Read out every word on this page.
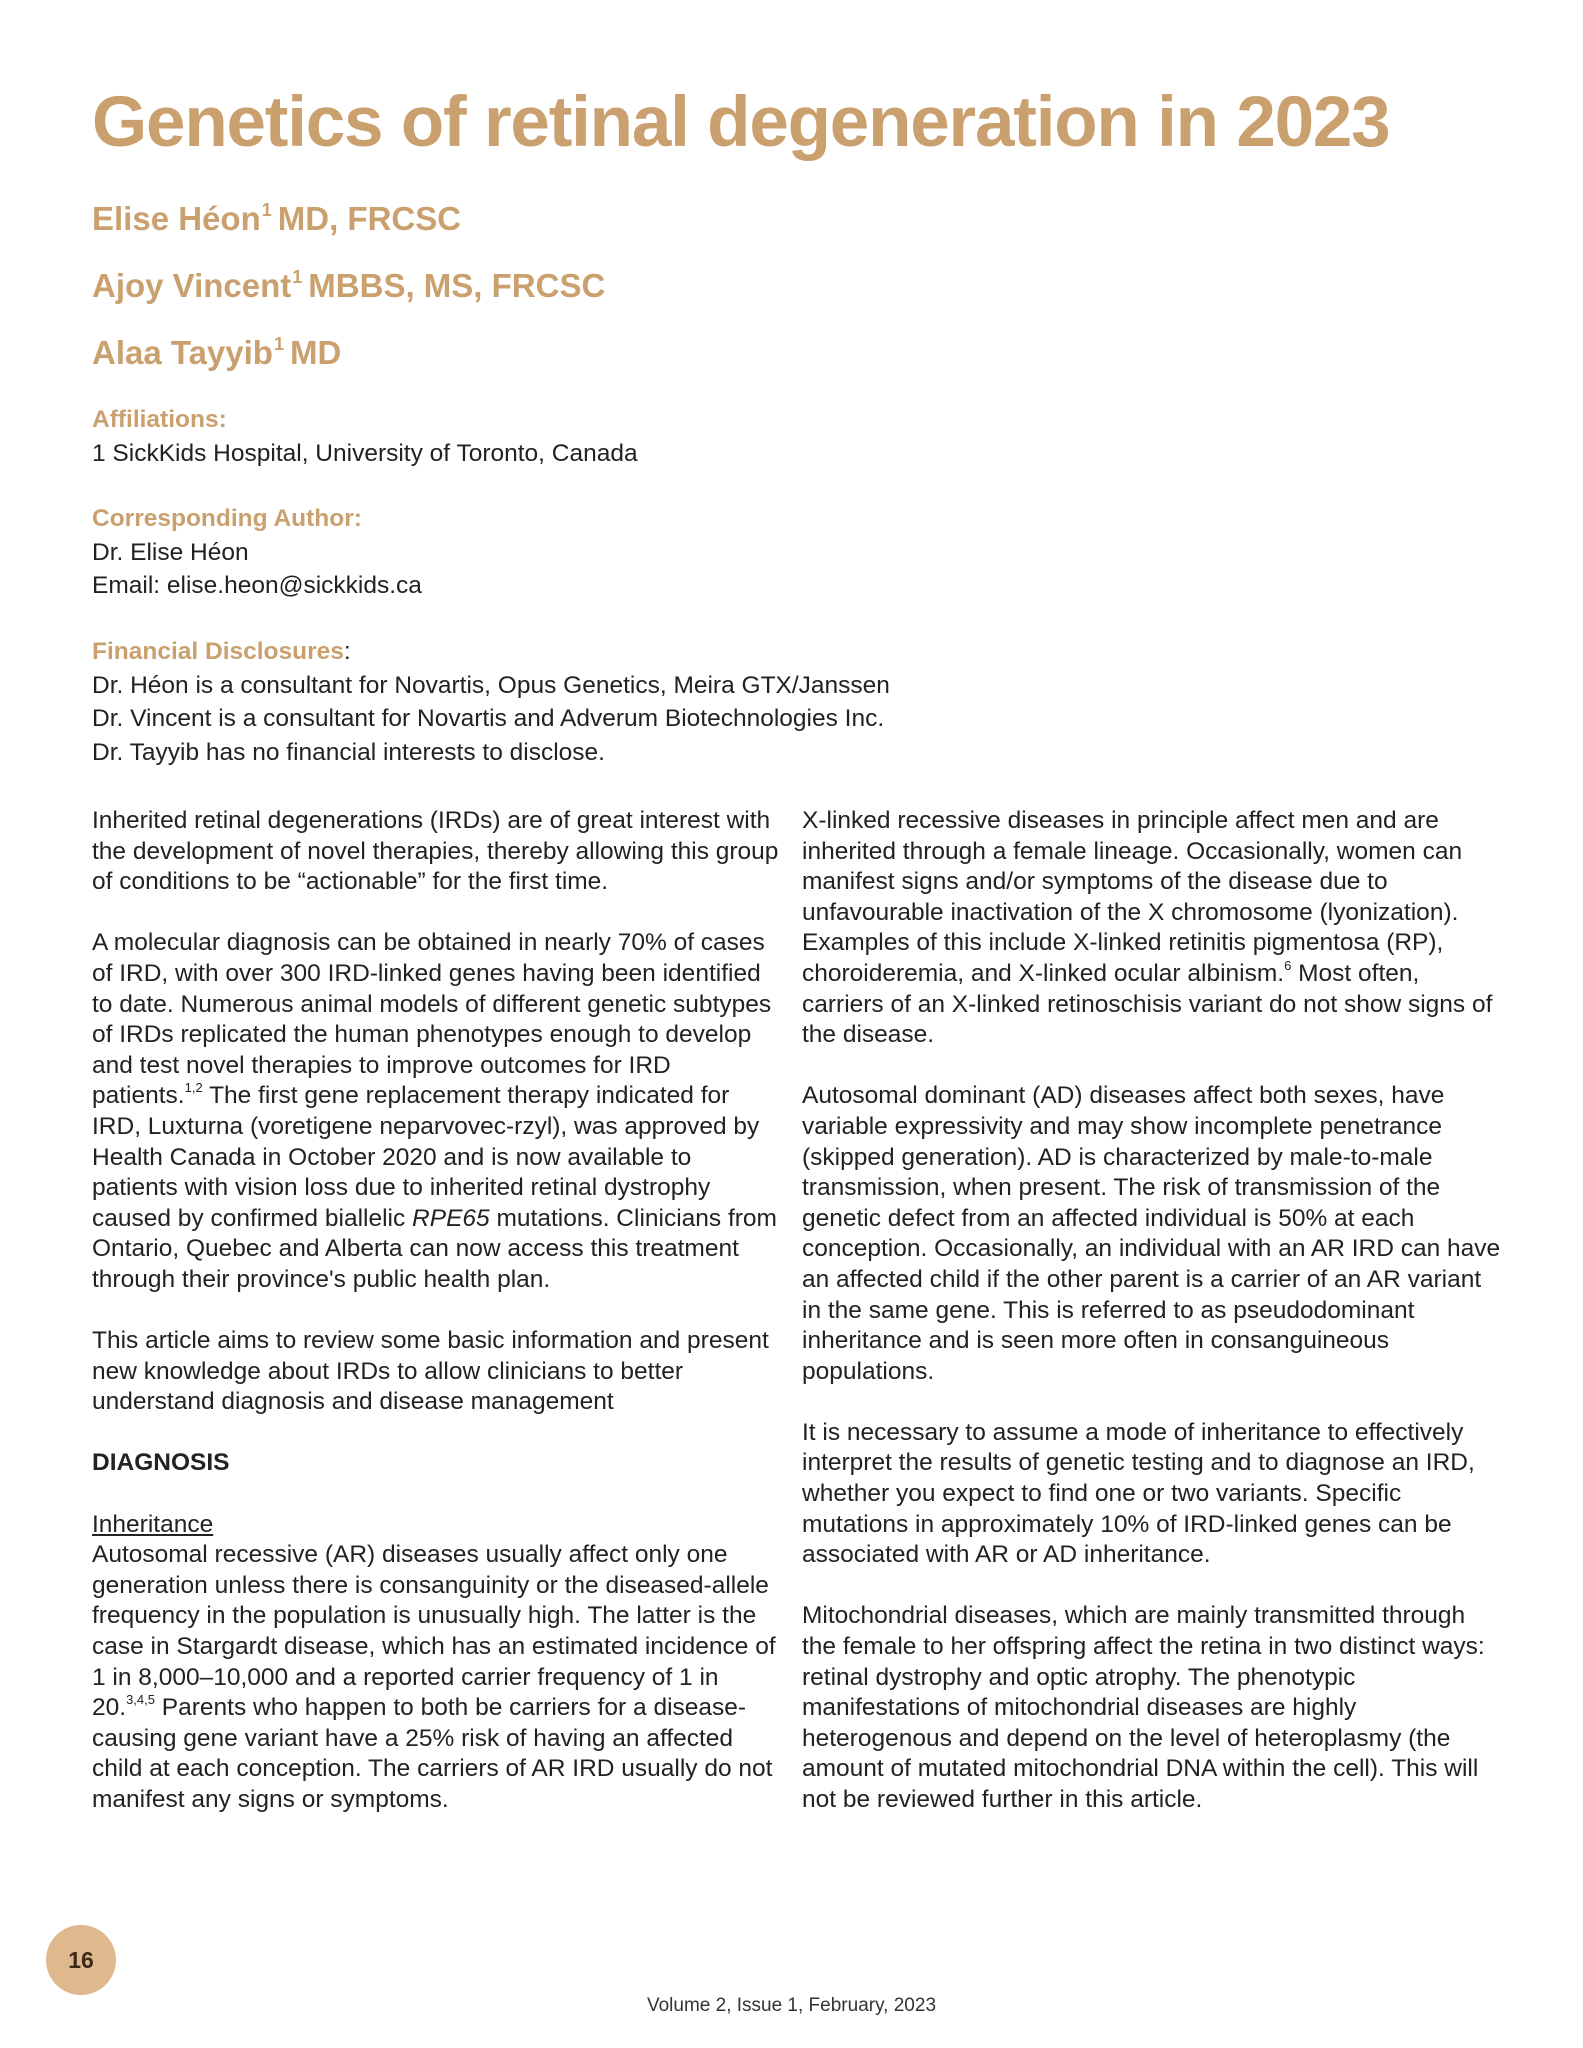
Genetics of retinal degeneration in 2023
Elise Héon$^1$ MD, FRCSC
Ajoy Vincent$^1$ MBBS, MS, FRCSC
Alaa Tayyib$^1$ MD
Affiliations:
1 SickKids Hospital, University of Toronto, Canada
Corresponding Author:
Dr. Elise Héon
Email: elise.heon@sickkids.ca
Financial Disclosures:
Dr. Héon is a consultant for Novartis, Opus Genetics, Meira GTX/Janssen
Dr. Vincent is a consultant for Novartis and Adverum Biotechnologies Inc.
Dr. Tayyib has no financial interests to disclose.

Inherited retinal degenerations (IRDs) are of great interest with the development of novel therapies, thereby allowing this group of conditions to be “actionable” for the first time.

A molecular diagnosis can be obtained in nearly 70% of cases of IRD, with over 300 IRD-linked genes having been identified to date. Numerous animal models of different genetic subtypes of IRDs replicated the human phenotypes enough to develop and test novel therapies to improve outcomes for IRD patients.$^{1,2}$ The first gene replacement therapy indicated for IRD, Luxturna (voretigene neparvovec-rzyl), was approved by Health Canada in October 2020 and is now available to patients with vision loss due to inherited retinal dystrophy caused by confirmed biallelic RPE65 mutations. Clinicians from Ontario, Quebec and Alberta can now access this treatment through their province's public health plan.

This article aims to review some basic information and present new knowledge about IRDs to allow clinicians to better understand diagnosis and disease management

DIAGNOSIS

Inheritance

Autosomal recessive (AR) diseases usually affect only one generation unless there is consanguinity or the diseased-allele frequency in the population is unusually high. The latter is the case in Stargardt disease, which has an estimated incidence of 1 in 8,000–10,000 and a reported carrier frequency of 1 in 20.$^{3,4,5}$ Parents who happen to both be carriers for a disease-causing gene variant have a 25% risk of having an affected child at each conception. The carriers of AR IRD usually do not manifest any signs or symptoms.

X-linked recessive diseases in principle affect men and are inherited through a female lineage. Occasionally, women can manifest signs and/or symptoms of the disease due to unfavourable inactivation of the X chromosome (lyonization). Examples of this include X-linked retinitis pigmentosa (RP), choroideremia, and X-linked ocular albinism.$^6$ Most often, carriers of an X-linked retinoschisis variant do not show signs of the disease.

Autosomal dominant (AD) diseases affect both sexes, have variable expressivity and may show incomplete penetrance (skipped generation). AD is characterized by male-to-male transmission, when present. The risk of transmission of the genetic defect from an affected individual is 50% at each conception. Occasionally, an individual with an AR IRD can have an affected child if the other parent is a carrier of an AR variant in the same gene. This is referred to as pseudodominant inheritance and is seen more often in consanguineous populations.

It is necessary to assume a mode of inheritance to effectively interpret the results of genetic testing and to diagnose an IRD, whether you expect to find one or two variants. Specific mutations in approximately 10% of IRD-linked genes can be associated with AR or AD inheritance.

Mitochondrial diseases, which are mainly transmitted through the female to her offspring affect the retina in two distinct ways: retinal dystrophy and optic atrophy. The phenotypic manifestations of mitochondrial diseases are highly heterogenous and depend on the level of heteroplasmy (the amount of mutated mitochondrial DNA within the cell). This will not be reviewed further in this article.

16
Volume 2, Issue 1, February, 2023
